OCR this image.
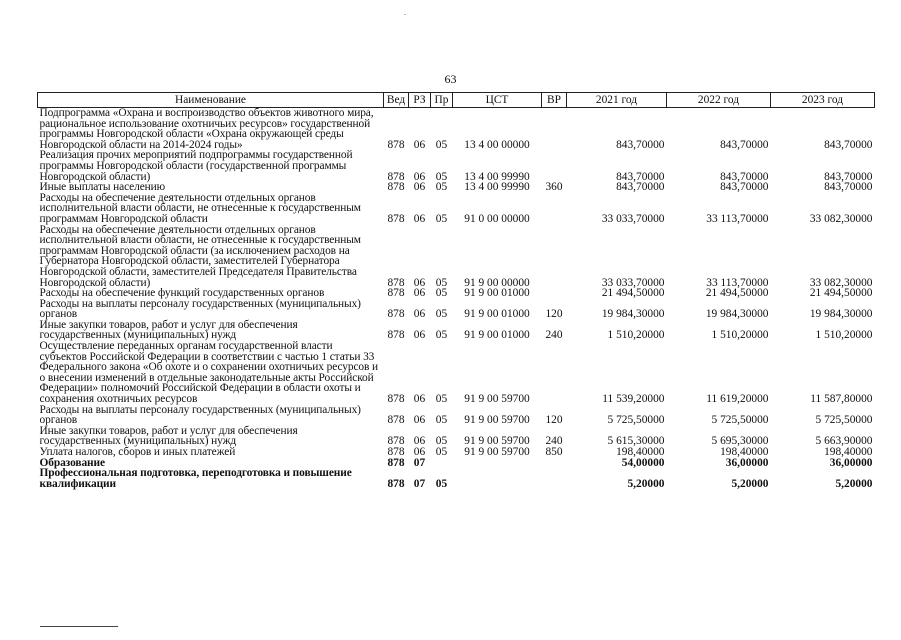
63
Наименование	Вед	РЗ	Пр	ЦСТ	ВР	2021 год	2022 год	2023 год
Подпрограмма «Охрана и воспроизводство объектов животного мира, рациональное использование охотничьих ресурсов» государственной программы Новгородской области «Охрана окружающей среды Новгородской области на 2014-2024 годы»	878	06	05	13 4 00 00000		843,70000	843,70000	843,70000
Реализация прочих мероприятий подпрограммы государственной программы Новгородской области (государственной программы Новгородской области)	878	06	05	13 4 00 99990		843,70000	843,70000	843,70000
Иные выплаты населению	878	06	05	13 4 00 99990	360	843,70000	843,70000	843,70000
Расходы на обеспечение деятельности отдельных органов исполнительной власти области, не отнесенные к государственным программам Новгородской области	878	06	05	91 0 00 00000		33 033,70000	33 113,70000	33 082,30000
Расходы на обеспечение деятельности отдельных органов исполнительной власти области, не отнесенные к государственным программам Новгородской области (за исключением расходов на Губернатора Новгородской области, заместителей Губернатора Новгородской области, заместителей Председателя Правительства Новгородской области)	878	06	05	91 9 00 00000		33 033,70000	33 113,70000	33 082,30000
Расходы на обеспечение функций государственных органов	878	06	05	91 9 00 01000		21 494,50000	21 494,50000	21 494,50000
Расходы на выплаты персоналу государственных (муниципальных) органов	878	06	05	91 9 00 01000	120	19 984,30000	19 984,30000	19 984,30000
Иные закупки товаров, работ и услуг для обеспечения государственных (муниципальных) нужд	878	06	05	91 9 00 01000	240	1 510,20000	1 510,20000	1 510,20000
Осуществление переданных органам государственной власти субъектов Российской Федерации в соответствии с частью 1 статьи 33 Федерального закона «Об охоте и о сохранении охотничьих ресурсов и о внесении изменений в отдельные законодательные акты Российской Федерации» полномочий Российской Федерации в области охоты и сохранения охотничьих ресурсов	878	06	05	91 9 00 59700		11 539,20000	11 619,20000	11 587,80000
Расходы на выплаты персоналу государственных (муниципальных) органов	878	06	05	91 9 00 59700	120	5 725,50000	5 725,50000	5 725,50000
Иные закупки товаров, работ и услуг для обеспечения государственных (муниципальных) нужд	878	06	05	91 9 00 59700	240	5 615,30000	5 695,30000	5 663,90000
Уплата налогов, сборов и иных платежей	878	06	05	91 9 00 59700	850	198,40000	198,40000	198,40000
Образование	878	07				54,00000	36,00000	36,00000
Профессиональная подготовка, переподготовка и повышение квалификации	878	07	05			5,20000	5,20000	5,20000
